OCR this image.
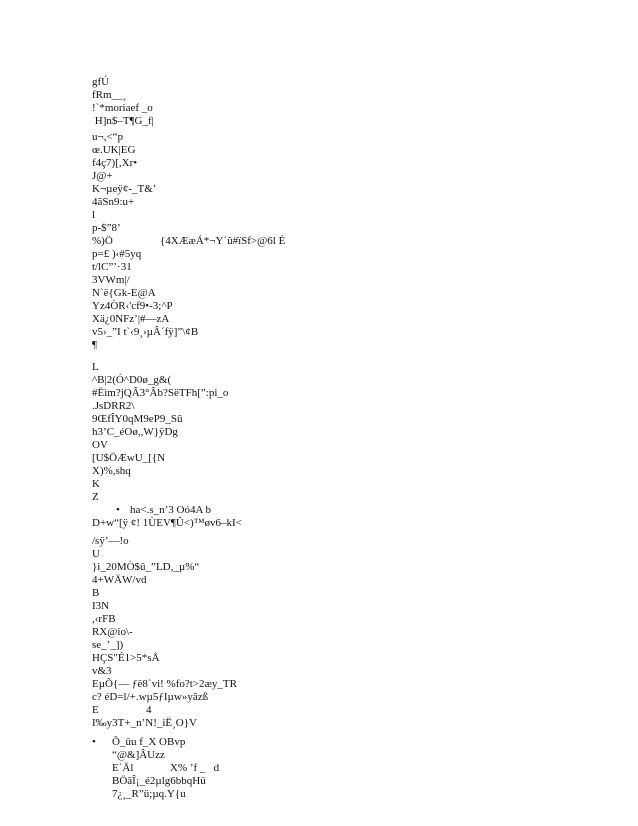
gfÚ
fRm__¸
!`*moriaef _o
H]n$–T¶G_f|
u¬,<“p
œ.UK|EG
f4ç7)[,Xr•
J@+
K¬µeÿ¢-_T&’
4ãSn9:u+
l
p-$”8’
%)Ö	{4XÆæÁ*¬Y´û#ïSf>@6l É
p=£ )‹#5yq
t/lC”’·31
3VWm|/
N`ë{Gk-E@A
Yz4ÒR‹'cf9•-3;^P
Xä¿0NFz’|#—zA
v5›_”I t`‹9¸›µÂ´fÿ]”\¢B
¶
L
^B|2(Ó^D0ø_g&(
#Ëìm?jQÂ3°Âb?SëTFh[”:pi_o
.JsDRR2\
9ŒfÎY0qM9eP9_Sû
h3’C_éOø,,W}ÿDg
OV
[U$ÖÆwU_[{N
X)%,shq
K
Z
• ha<.s_n’3 Oó4A b
D+w“[ÿ ¢! 1ÙEV¶Û<)™øv6–kI<
/sÿ’—!o
U
}i_20MÒ$û_”LD,_µ%“
4+WÄW/vd
B
I3N
,‹rFB
RX@io\-
se_’_])
HÇS"É1>5*sÅ
v&3
EµÕ{— ƒë8`vi! %fo?t>2æy_TR
c? éD=l/+.wµ5ƒIµw»yãzß
E	4
I‰y3T+_n’N!_iË¸O}V
• Õ_ûu f_X OBvp
“@&]ÂUzz
E´Äl	X% ’f _   d
BÖãÎ¡_é2µlg6bbqHü
7¿¸_R”ü;µq.Y{u
